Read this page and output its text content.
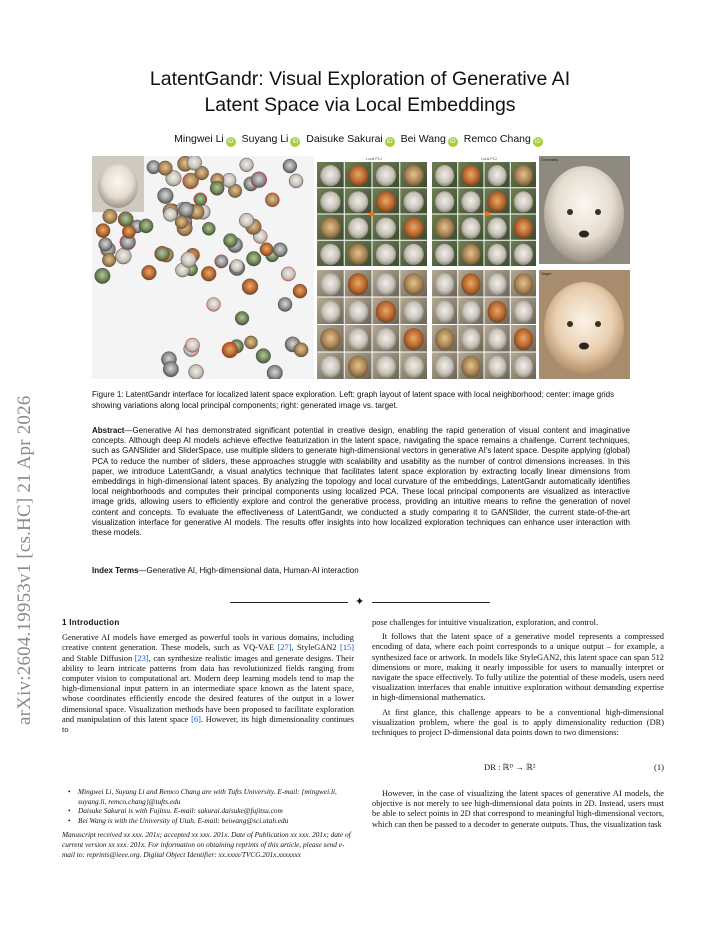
arXiv:2604.19953v1 [cs.HC] 21 Apr 2026
LatentGandr: Visual Exploration of Generative AI
Latent Space via Local Embeddings
Mingwei Li iD Suyang Li iD Daisuke Sakurai iD Bei Wang iD Remco Chang iD
Local PC1	Local PC2	Generated
Target
Figure 1: LatentGandr interface for localized latent space exploration. Left: graph layout of latent space with local neighborhood; center: image grids showing variations along local principal components; right: generated image vs. target.
Abstract—Generative AI has demonstrated significant potential in creative design, enabling the rapid generation of visual content and imaginative concepts. Although deep AI models achieve effective featurization in the latent space, navigating the space remains a challenge. Current techniques, such as GANSlider and SliderSpace, use multiple sliders to generate high-dimensional vectors in generative AI's latent space. Despite applying (global) PCA to reduce the number of sliders, these approaches struggle with scalability and usability as the number of control dimensions increases. In this paper, we introduce LatentGandr, a visual analytics technique that facilitates latent space exploration by extracting locally linear dimensions from embeddings in high-dimensional latent spaces. By analyzing the topology and local curvature of the embeddings, LatentGandr automatically identifies local neighborhoods and computes their principal components using localized PCA. These local principal components are visualized as interactive image grids, allowing users to efficiently explore and control the generative process, providing an intuitive means to refine the generation of novel content and concepts. To evaluate the effectiveness of LatentGandr, we conducted a study comparing it to GANSlider, the current state-of-the-art visualization interface for generative AI models. The results offer insights into how localized exploration techniques can enhance user interaction with these models.
Index Terms—Generative AI, High-dimensional data, Human-AI interaction
✦
1 Introduction

Generative AI models have emerged as powerful tools in various domains, including creative content generation. These models, such as VQ-VAE [27], StyleGAN2 [15] and Stable Diffusion [23], can synthesize realistic images and generate designs. Their ability to learn intricate patterns from data has revolutionized fields ranging from computer vision to computational art. Modern deep learning models tend to map the high-dimensional input pattern in an intermediate space known as the latent space, whose coordinates efficiently encode the desired features of the output in a lower dimensional space. Visualization methods have been proposed to facilitate exploration and manipulation of this latent space [6]. However, its high dimensionality continues to

• Mingwei Li, Suyang Li and Remco Chang are with Tufts University. E-mail: {mingwei.li, suyang.li, remco.chang}@tufts.edu
• Daisuke Sakurai is with Fujitsu. E-mail: sakurai.daisuke@fujitsu.com
• Bei Wang is with the University of Utah. E-mail: beiwang@sci.utah.edu
Manuscript received xx xxx. 201x; accepted xx xxx. 201x. Date of Publication xx xxx. 201x; date of current version xx xxx. 201x. For information on obtaining reprints of this article, please send e-mail to: reprints@ieee.org. Digital Object Identifier: xx.xxxx/TVCG.201x.xxxxxxx

pose challenges for intuitive visualization, exploration, and control.

It follows that the latent space of a generative model represents a compressed encoding of data, where each point corresponds to a unique output – for example, a synthesized face or artwork. In models like StyleGAN2, this latent space can span 512 dimensions or more, making it nearly impossible for users to manually interpret or navigate the space effectively. To fully utilize the potential of these models, users need visualization interfaces that enable intuitive exploration without demanding expertise in high-dimensional mathematics.

At first glance, this challenge appears to be a conventional high-dimensional visualization problem, where the goal is to apply dimensionality reduction (DR) techniques to project D-dimensional data points down to two dimensions:

DR : ℝᴰ → ℝ²	(1)

However, in the case of visualizing the latent spaces of generative AI models, the objective is not merely to see high-dimensional data points in 2D. Instead, users must be able to select points in 2D that correspond to meaningful high-dimensional vectors, which can then be passed to a decoder to generate outputs. Thus, the visualization task
